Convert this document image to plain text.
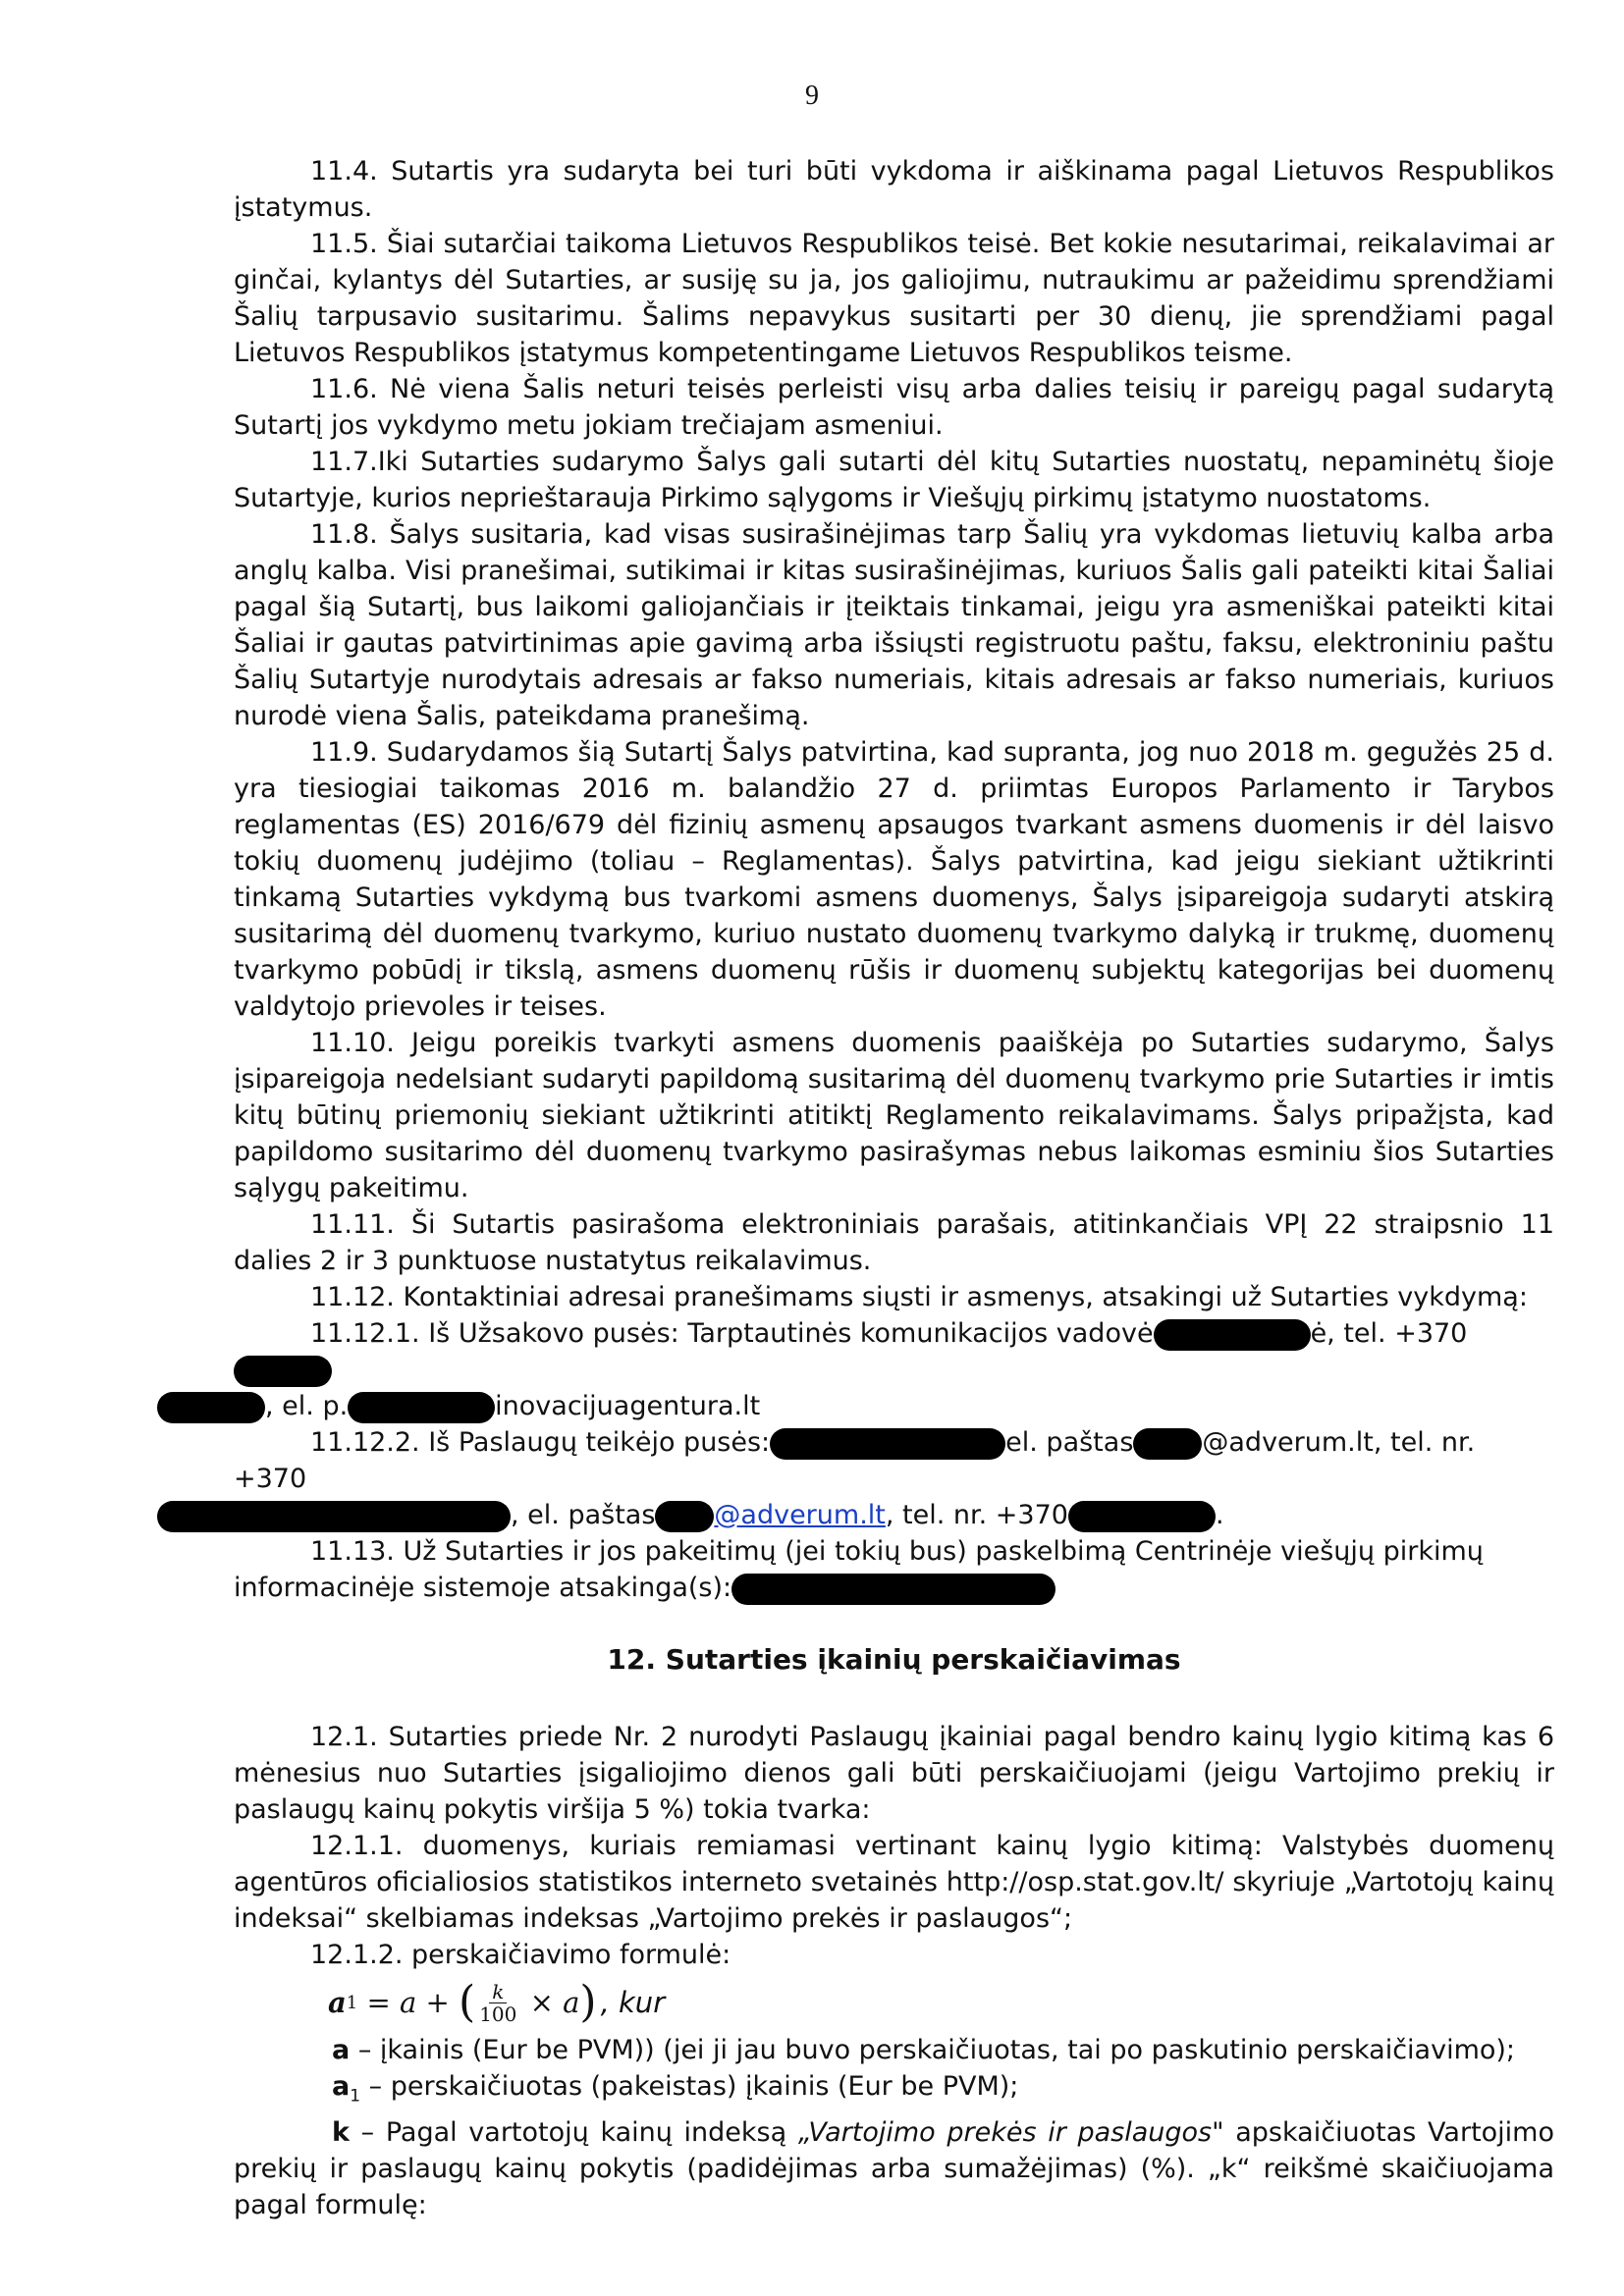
9

11.4. Sutartis yra sudaryta bei turi būti vykdoma ir aiškinama pagal Lietuvos Respublikos įstatymus.

11.5. Šiai sutarčiai taikoma Lietuvos Respublikos teisė. Bet kokie nesutarimai, reikalavimai ar ginčai, kylantys dėl Sutarties, ar susiję su ja, jos galiojimu, nutraukimu ar pažeidimu sprendžiami Šalių tarpusavio susitarimu. Šalims nepavykus susitarti per 30 dienų, jie sprendžiami pagal Lietuvos Respublikos įstatymus kompetentingame Lietuvos Respublikos teisme.

11.6. Nė viena Šalis neturi teisės perleisti visų arba dalies teisių ir pareigų pagal sudarytą Sutartį jos vykdymo metu jokiam trečiajam asmeniui.

11.7.Iki Sutarties sudarymo Šalys gali sutarti dėl kitų Sutarties nuostatų, nepaminėtų šioje Sutartyje, kurios neprieštarauja Pirkimo sąlygoms ir Viešųjų pirkimų įstatymo nuostatoms.

11.8. Šalys susitaria, kad visas susirašinėjimas tarp Šalių yra vykdomas lietuvių kalba arba anglų kalba. Visi pranešimai, sutikimai ir kitas susirašinėjimas, kuriuos Šalis gali pateikti kitai Šaliai pagal šią Sutartį, bus laikomi galiojančiais ir įteiktais tinkamai, jeigu yra asmeniškai pateikti kitai Šaliai ir gautas patvirtinimas apie gavimą arba išsiųsti registruotu paštu, faksu, elektroniniu paštu Šalių Sutartyje nurodytais adresais ar fakso numeriais, kitais adresais ar fakso numeriais, kuriuos nurodė viena Šalis, pateikdama pranešimą.

11.9. Sudarydamos šią Sutartį Šalys patvirtina, kad supranta, jog nuo 2018 m. gegužės 25 d. yra tiesiogiai taikomas 2016 m. balandžio 27 d. priimtas Europos Parlamento ir Tarybos reglamentas (ES) 2016/679 dėl fizinių asmenų apsaugos tvarkant asmens duomenis ir dėl laisvo tokių duomenų judėjimo (toliau – Reglamentas). Šalys patvirtina, kad jeigu siekiant užtikrinti tinkamą Sutarties vykdymą bus tvarkomi asmens duomenys, Šalys įsipareigoja sudaryti atskirą susitarimą dėl duomenų tvarkymo, kuriuo nustato duomenų tvarkymo dalyką ir trukmę, duomenų tvarkymo pobūdį ir tikslą, asmens duomenų rūšis ir duomenų subjektų kategorijas bei duomenų valdytojo prievoles ir teises.

11.10. Jeigu poreikis tvarkyti asmens duomenis paaiškėja po Sutarties sudarymo, Šalys įsipareigoja nedelsiant sudaryti papildomą susitarimą dėl duomenų tvarkymo prie Sutarties ir imtis kitų būtinų priemonių siekiant užtikrinti atitiktį Reglamento reikalavimams. Šalys pripažįsta, kad papildomo susitarimo dėl duomenų tvarkymo pasirašymas nebus laikomas esminiu šios Sutarties sąlygų pakeitimu.

11.11. Ši Sutartis pasirašoma elektroniniais parašais, atitinkančiais VPĮ 22 straipsnio 11 dalies 2 ir 3 punktuose nustatytus reikalavimus.

11.12. Kontaktiniai adresai pranešimams siųsti ir asmenys, atsakingi už Sutarties vykdymą:

11.12.1. Iš Užsakovo pusės: Tarptautinės komunikacijos vadovė	ė, tel. +370
, el. p.	inovacijuagentura.lt

11.12.2. Iš Paslaugų teikėjo pusės:	el. paštas	@adverum.lt, tel. nr. +370
, el. paštas @adverum.lt, tel. nr. +370	.

11.13. Už Sutarties ir jos pakeitimų (jei tokių bus) paskelbimą Centrinėje viešųjų pirkimų informacinėje sistemoje atsakinga(s):

12. Sutarties įkainių perskaičiavimas

12.1. Sutarties priede Nr. 2 nurodyti Paslaugų įkainiai pagal bendro kainų lygio kitimą kas 6 mėnesius nuo Sutarties įsigaliojimo dienos gali būti perskaičiuojami (jeigu Vartojimo prekių ir paslaugų kainų pokytis viršija 5 %) tokia tvarka:

12.1.1. duomenys, kuriais remiamasi vertinant kainų lygio kitimą: Valstybės duomenų agentūros oficialiosios statistikos interneto svetainės http://osp.stat.gov.lt/ skyriuje „Vartotojų kainų indeksai“ skelbiamas indeksas „Vartojimo prekės ir paslaugos“;

12.1.2. perskaičiavimo formulė:

a 1 = a + ( $\frac{k}{100} \times a$ ) , kur

a – įkainis (Eur be PVM)) (jei ji jau buvo perskaičiuotas, tai po paskutinio perskaičiavimo);

$a_1$ – perskaičiuotas (pakeistas) įkainis (Eur be PVM);

k – Pagal vartotojų kainų indeksą „Vartojimo prekės ir paslaugos" apskaičiuotas Vartojimo prekių ir paslaugų kainų pokytis (padidėjimas arba sumažėjimas) (%). „k“ reikšmė skaičiuojama pagal formulę:
